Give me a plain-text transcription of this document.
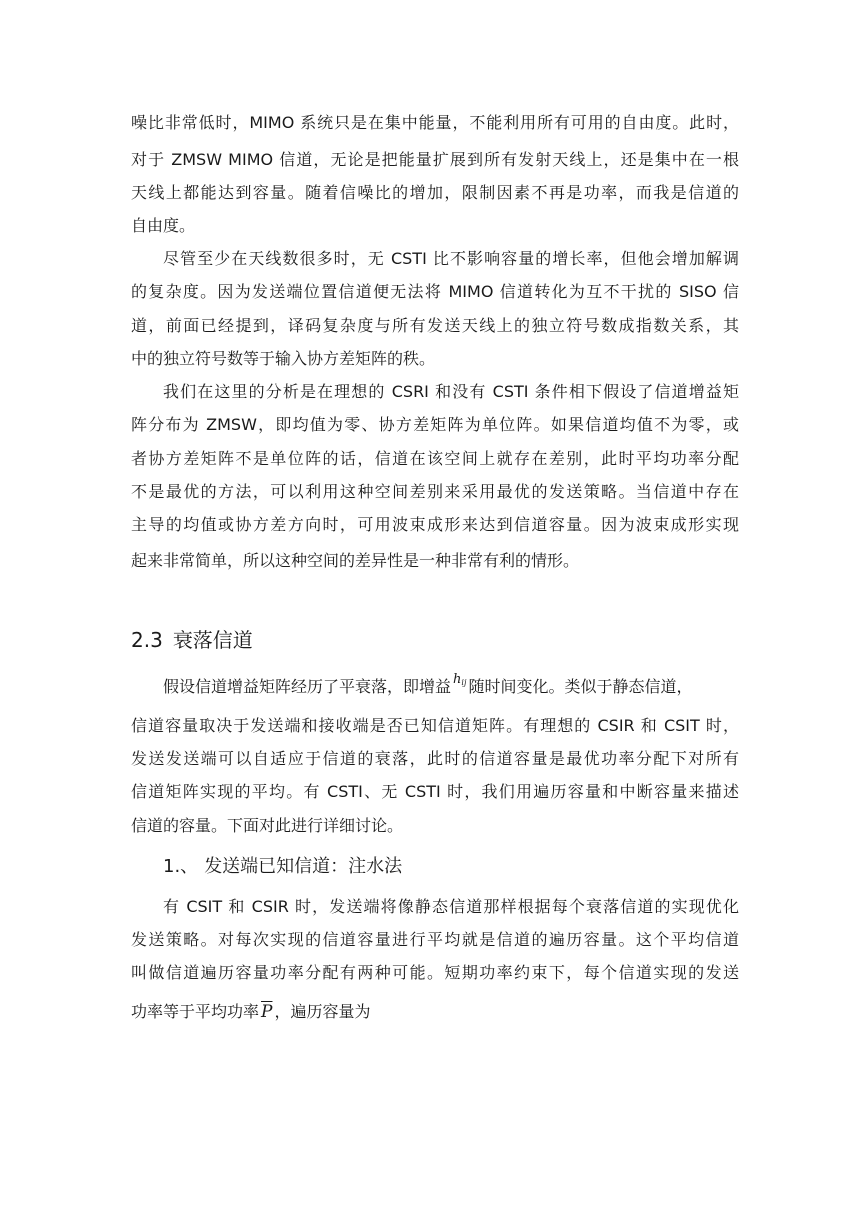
噪比非常低时，MIMO 系统只是在集中能量，不能利用所有可用的自由度。此时，
对于 ZMSW MIMO 信道，无论是把能量扩展到所有发射天线上，还是集中在一根
天线上都能达到容量。随着信噪比的增加，限制因素不再是功率，而我是信道的
自由度。
尽管至少在天线数很多时，无 CSTI 比不影响容量的增长率，但他会增加解调
的复杂度。因为发送端位置信道便无法将 MIMO 信道转化为互不干扰的 SISO 信
道，前面已经提到，译码复杂度与所有发送天线上的独立符号数成指数关系，其
中的独立符号数等于输入协方差矩阵的秩。
我们在这里的分析是在理想的 CSRI 和没有 CSTI 条件相下假设了信道增益矩
阵分布为 ZMSW，即均值为零、协方差矩阵为单位阵。如果信道均值不为零，或
者协方差矩阵不是单位阵的话，信道在该空间上就存在差别，此时平均功率分配
不是最优的方法，可以利用这种空间差别来采用最优的发送策略。当信道中存在
主导的均值或协方差方向时，可用波束成形来达到信道容量。因为波束成形实现
起来非常简单，所以这种空间的差异性是一种非常有利的情形。
2.3 衰落信道
假设信道增益矩阵经历了平衰落，即增益 $^{h_{ij}}$ 随时间变化。类似于静态信道，
信道容量取决于发送端和接收端是否已知信道矩阵。有理想的 CSIR 和 CSIT 时，
发送发送端可以自适应于信道的衰落，此时的信道容量是最优功率分配下对所有
信道矩阵实现的平均。有 CSTI、无 CSTI 时，我们用遍历容量和中断容量来描述
信道的容量。下面对此进行详细讨论。
1.、 发送端已知信道：注水法
有 CSIT 和 CSIR 时，发送端将像静态信道那样根据每个衰落信道的实现优化
发送策略。对每次实现的信道容量进行平均就是信道的遍历容量。这个平均信道
叫做信道遍历容量功率分配有两种可能。短期功率约束下，每个信道实现的发送
功率等于平均功率 $\overline{P}$ ，遍历容量为
